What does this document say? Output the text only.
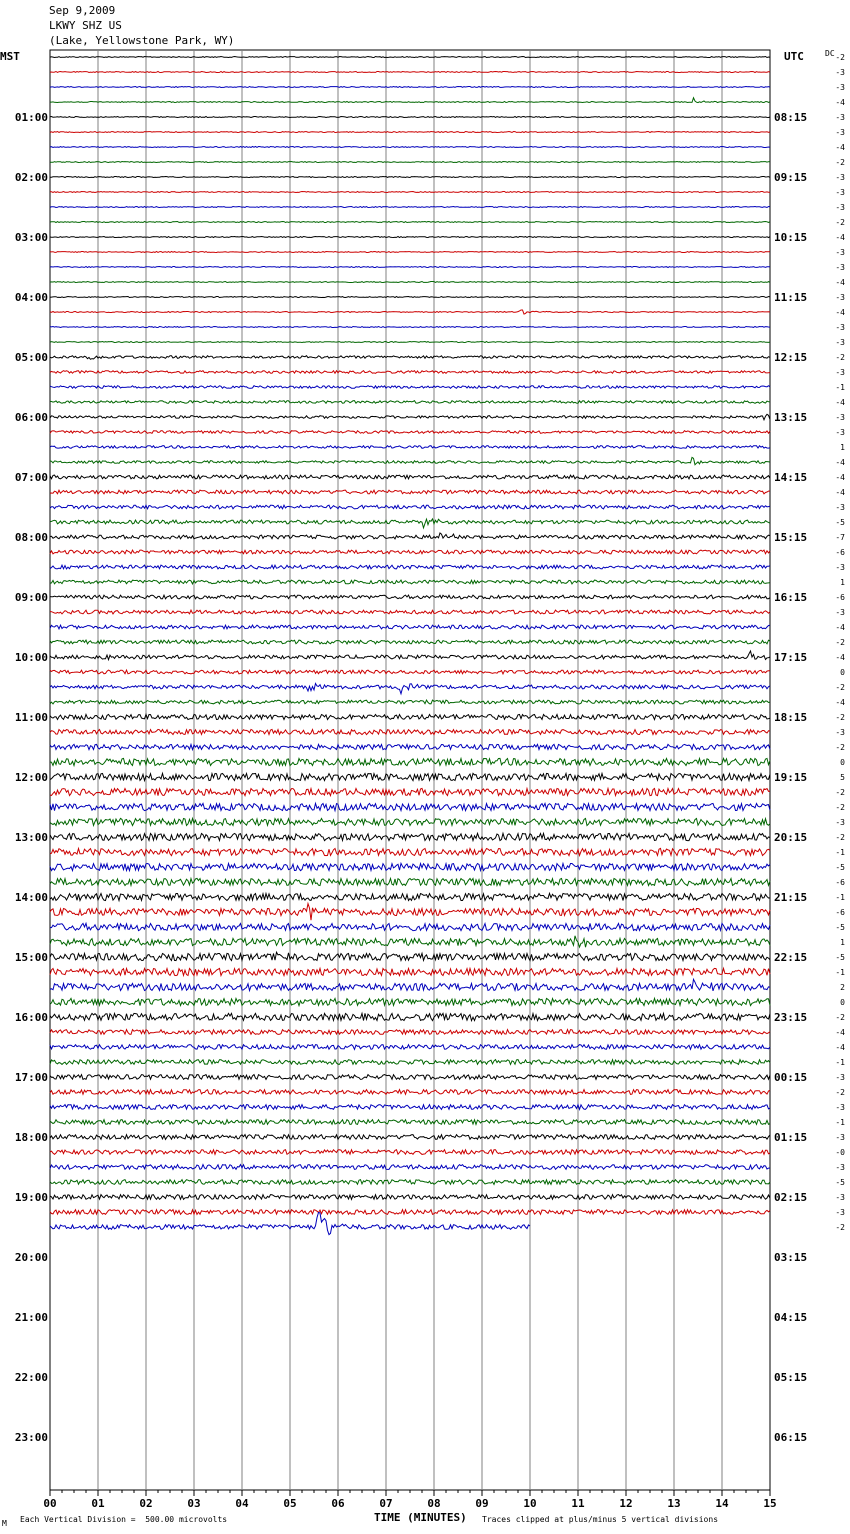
Sep 9,2009
LKWY SHZ US
(Lake, Yellowstone Park, WY)
MST	UTC	DC
01:00
02:00
03:00
04:00
05:00
06:00
07:00
08:00
09:00
10:00
11:00
12:00
13:00
14:00
15:00
16:00
17:00
18:00
19:00
20:00
21:00
22:00
23:00
08:15
09:15
10:15
11:15
12:15
13:15
14:15
15:15
16:15
17:15
18:15
19:15
20:15
21:15
22:15
23:15
00:15
01:15
02:15
03:15
04:15
05:15
06:15
-2
-3
-3
-4
-3
-3
-4
-2
-3
-3
-3
-2
-4
-3
-3
-4
-3
-4
-3
-3
-2
-3
-1
-4
-3
-3
1
-4
-4
-4
-3
-5
-7
-6
-3
1
-6
-3
-4
-2
-4
0
-2
-4
-2
-3
-2
0
5
-2
-2
-3
-2
-1
-5
-6
-1
-6
-5
1
-5
-1
2
0
-2
-4
-4
-1
-3
-2
-3
-1
-3
-0
-3
-5
-3
-3
-2
00	01	02	03	04	05	06	07	08	09	10	11	12	13	14	15
M Each Vertical Division =  500.00 microvolts	TIME (MINUTES) Traces clipped at plus/minus 5 vertical divisions
